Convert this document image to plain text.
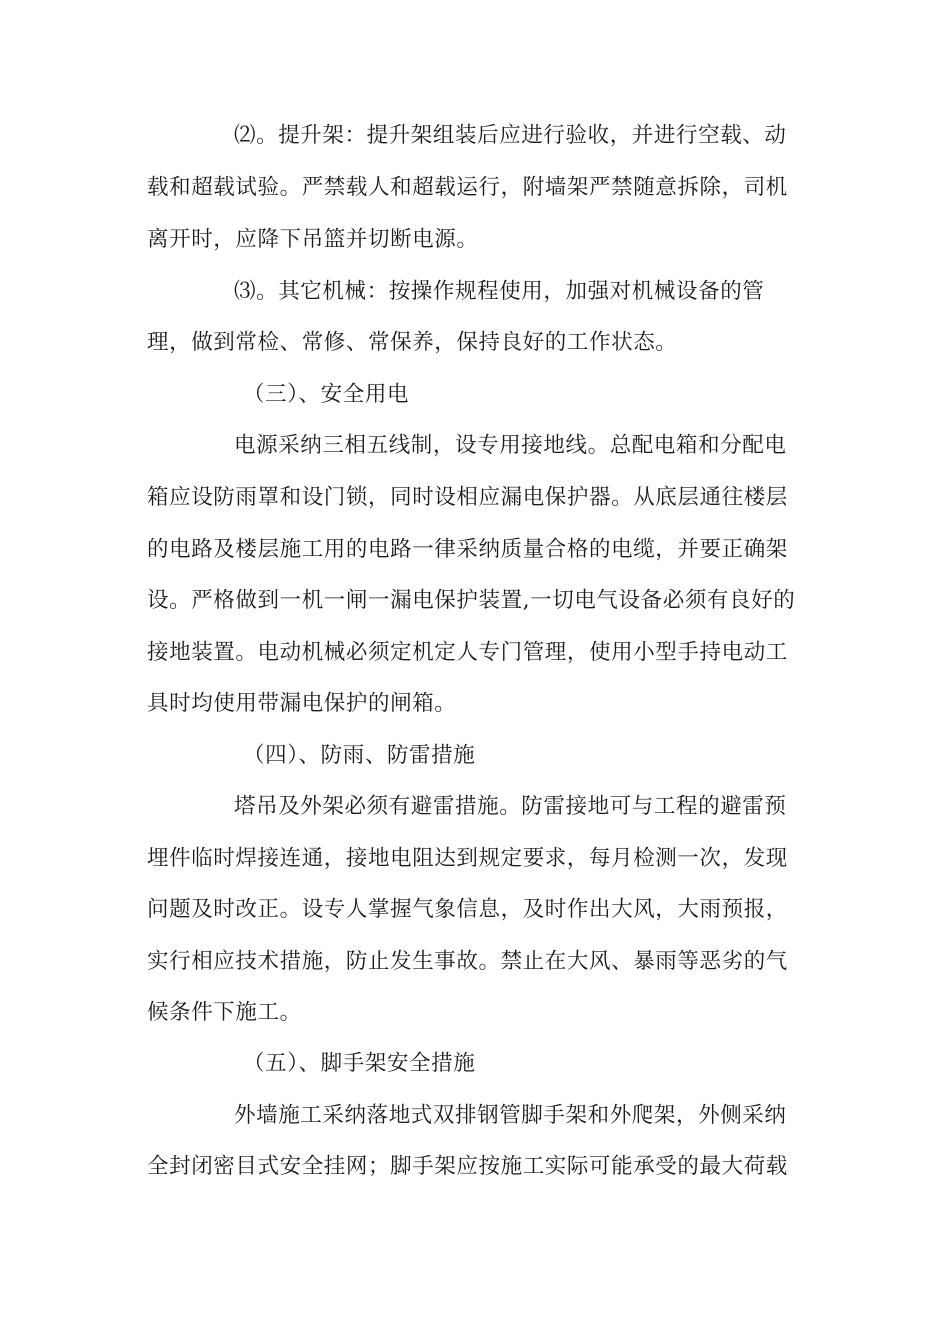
⑵。提升架：提升架组装后应进行验收，并进行空载、动
载和超载试验。严禁载人和超载运行，附墙架严禁随意拆除，司机
离开时，应降下吊篮并切断电源。
⑶。其它机械：按操作规程使用，加强对机械设备的管
理，做到常检、常修、常保养，保持良好的工作状态。
（三）、安全用电
电源采纳三相五线制，设专用接地线。总配电箱和分配电
箱应设防雨罩和设门锁，同时设相应漏电保护器。从底层通往楼层
的电路及楼层施工用的电路一律采纳质量合格的电缆，并要正确架
设。严格做到一机一闸一漏电保护装置,一切电气设备必须有良好的
接地装置。电动机械必须定机定人专门管理，使用小型手持电动工
具时均使用带漏电保护的闸箱。
（四）、防雨、防雷措施
塔吊及外架必须有避雷措施。防雷接地可与工程的避雷预
埋件临时焊接连通，接地电阻达到规定要求，每月检测一次，发现
问题及时改正。设专人掌握气象信息，及时作出大风，大雨预报，
实行相应技术措施，防止发生事故。禁止在大风、暴雨等恶劣的气
候条件下施工。
（五）、脚手架安全措施
外墙施工采纳落地式双排钢管脚手架和外爬架，外侧采纳
全封闭密目式安全挂网；脚手架应按施工实际可能承受的最大荷载
